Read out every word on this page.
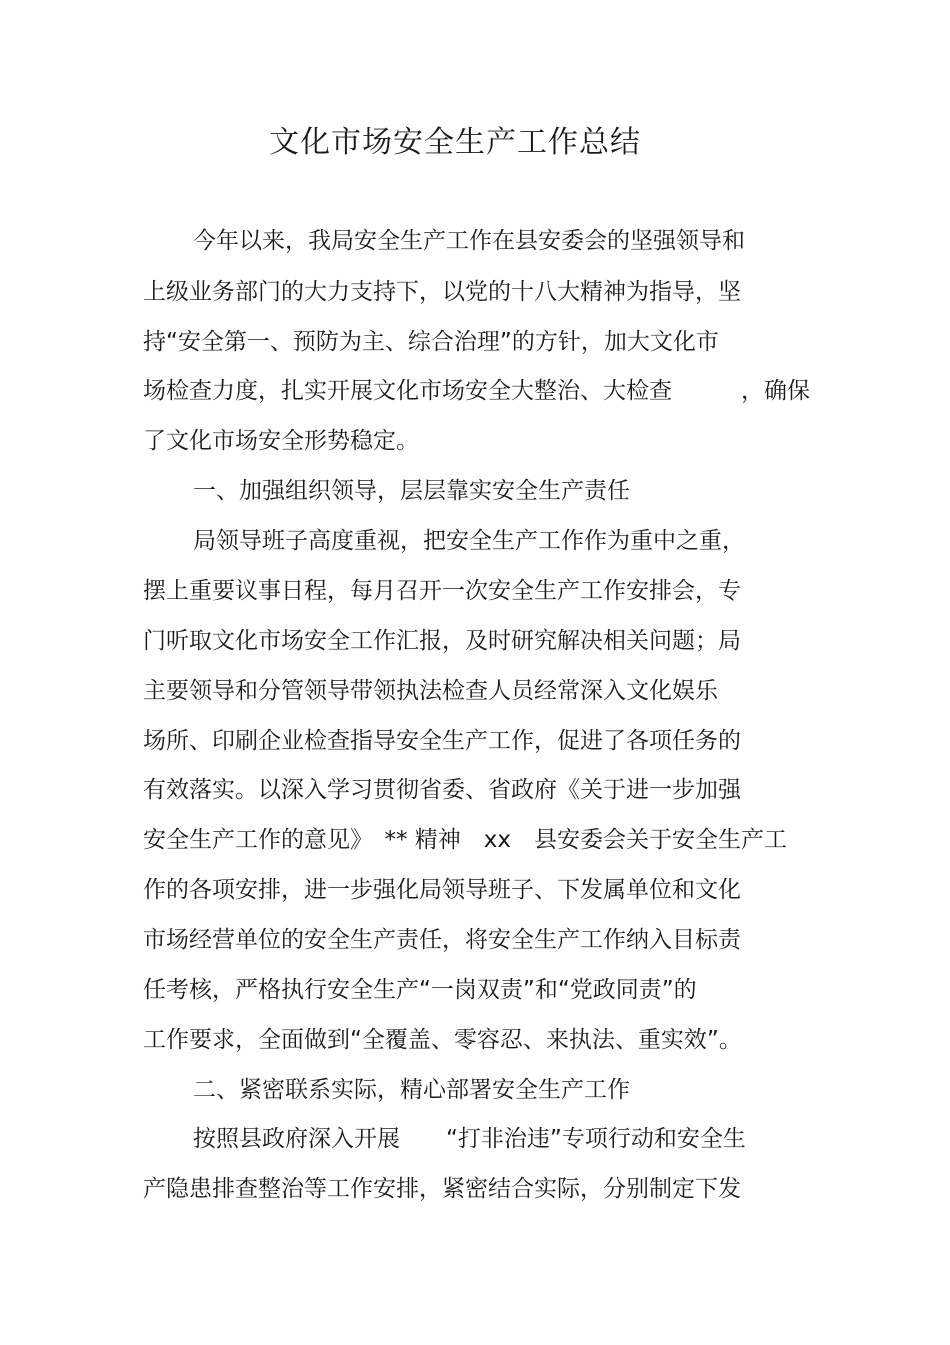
文化市场安全生产工作总结
今年以来，我局安全生产工作在县安委会的坚强领导和
上级业务部门的大力支持下，以党的十八大精神为指导，坚
持“安全第一、预防为主、综合治理”的方针，加大文化市
场检查力度，扎实开展文化市场安全大整治、大检查　　　，确保
了文化市场安全形势稳定。
一、加强组织领导，层层靠实安全生产责任
局领导班子高度重视，把安全生产工作作为重中之重，
摆上重要议事日程，每月召开一次安全生产工作安排会，专
门听取文化市场安全工作汇报，及时研究解决相关问题；局
主要领导和分管领导带领执法检查人员经常深入文化娱乐
场所、印刷企业检查指导安全生产工作，促进了各项任务的
有效落实。以深入学习贯彻省委、省政府《关于进一步加强
安全生产工作的意见》　** 精神　xx　县安委会关于安全生产工
作的各项安排，进一步强化局领导班子、下发属单位和文化
市场经营单位的安全生产责任，将安全生产工作纳入目标责
任考核，严格执行安全生产“一岗双责”和“党政同责”的
工作要求，全面做到“全覆盖、零容忍、来执法、重实效”。
二、紧密联系实际，精心部署安全生产工作
按照县政府深入开展　　“打非治违”专项行动和安全生
产隐患排查整治等工作安排，紧密结合实际，分别制定下发
